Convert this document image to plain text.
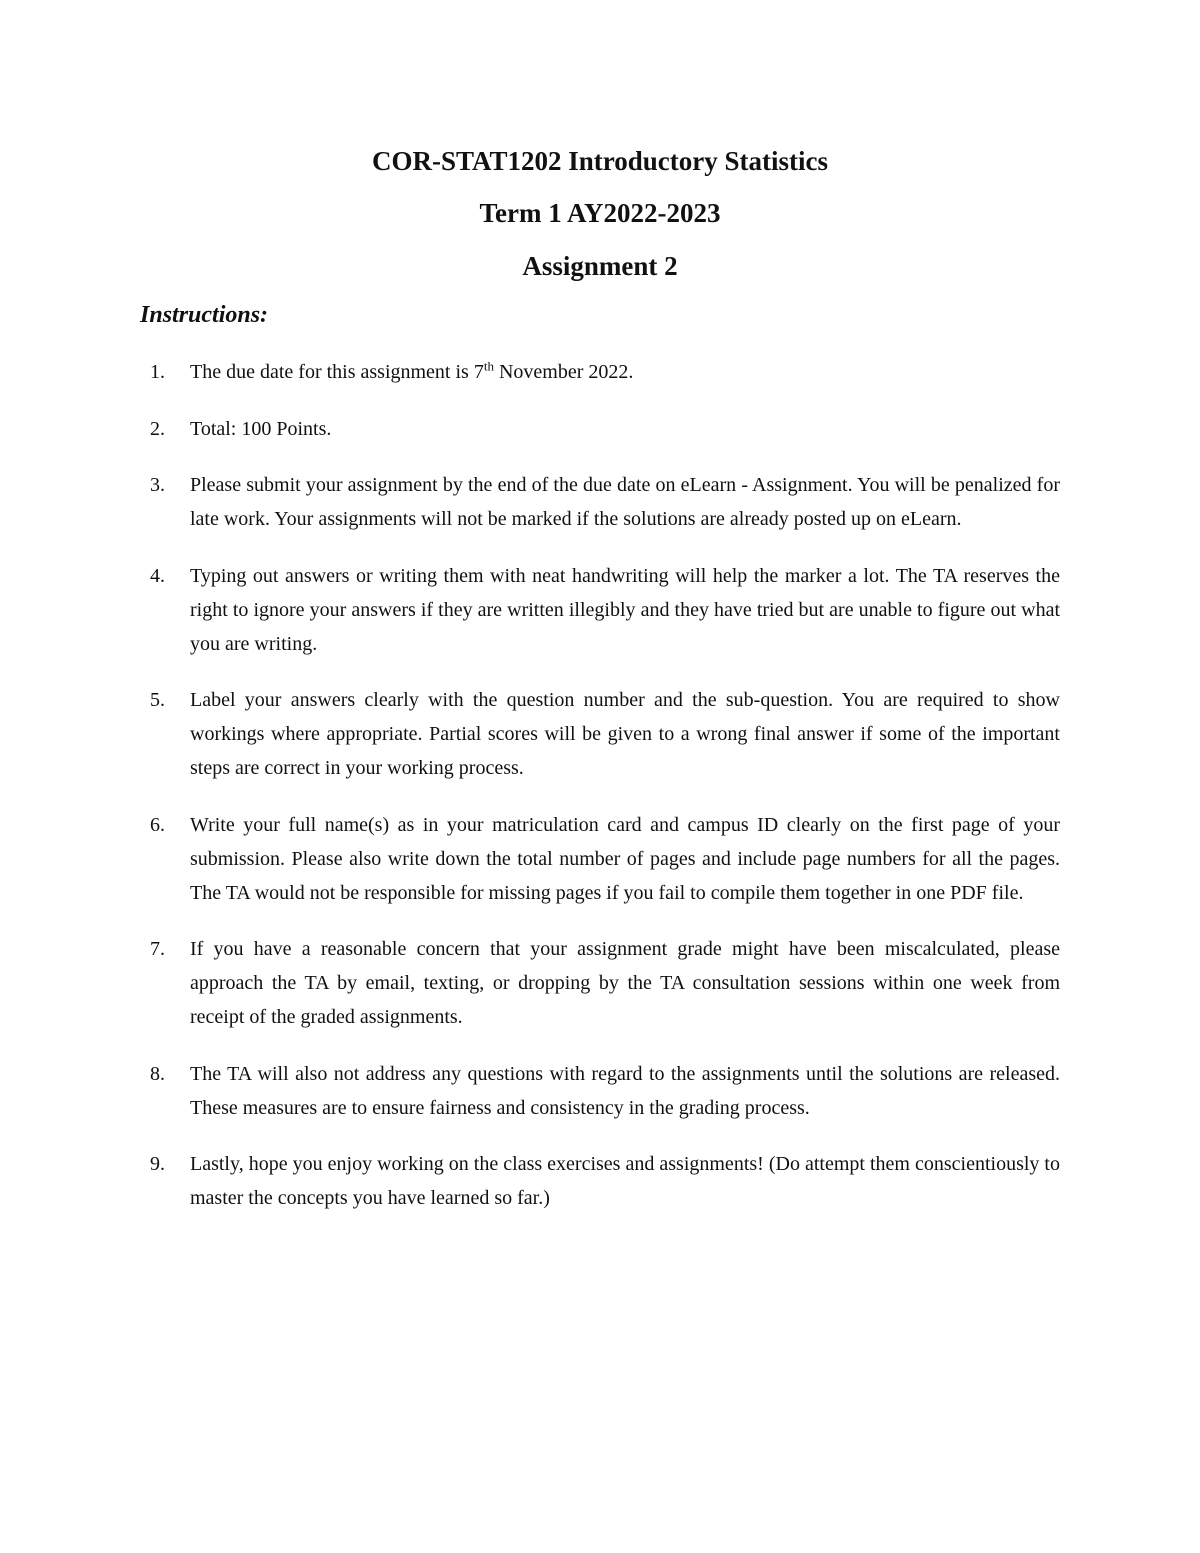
COR-STAT1202 Introductory Statistics
Term 1 AY2022-2023
Assignment 2
Instructions:
1.	The due date for this assignment is 7th November 2022.
2.	Total: 100 Points.
3.	Please submit your assignment by the end of the due date on eLearn - Assignment. You will be penalized for late work. Your assignments will not be marked if the solutions are already posted up on eLearn.
4.	Typing out answers or writing them with neat handwriting will help the marker a lot. The TA reserves the right to ignore your answers if they are written illegibly and they have tried but are unable to figure out what you are writing.
5.	Label your answers clearly with the question number and the sub-question. You are required to show workings where appropriate. Partial scores will be given to a wrong final answer if some of the important steps are correct in your working process.
6.	Write your full name(s) as in your matriculation card and campus ID clearly on the first page of your submission. Please also write down the total number of pages and include page numbers for all the pages. The TA would not be responsible for missing pages if you fail to compile them together in one PDF file.
7.	If you have a reasonable concern that your assignment grade might have been miscalculated, please approach the TA by email, texting, or dropping by the TA consultation sessions within one week from receipt of the graded assignments.
8.	The TA will also not address any questions with regard to the assignments until the solutions are released. These measures are to ensure fairness and consistency in the grading process.
9.	Lastly, hope you enjoy working on the class exercises and assignments! (Do attempt them conscientiously to master the concepts you have learned so far.)
